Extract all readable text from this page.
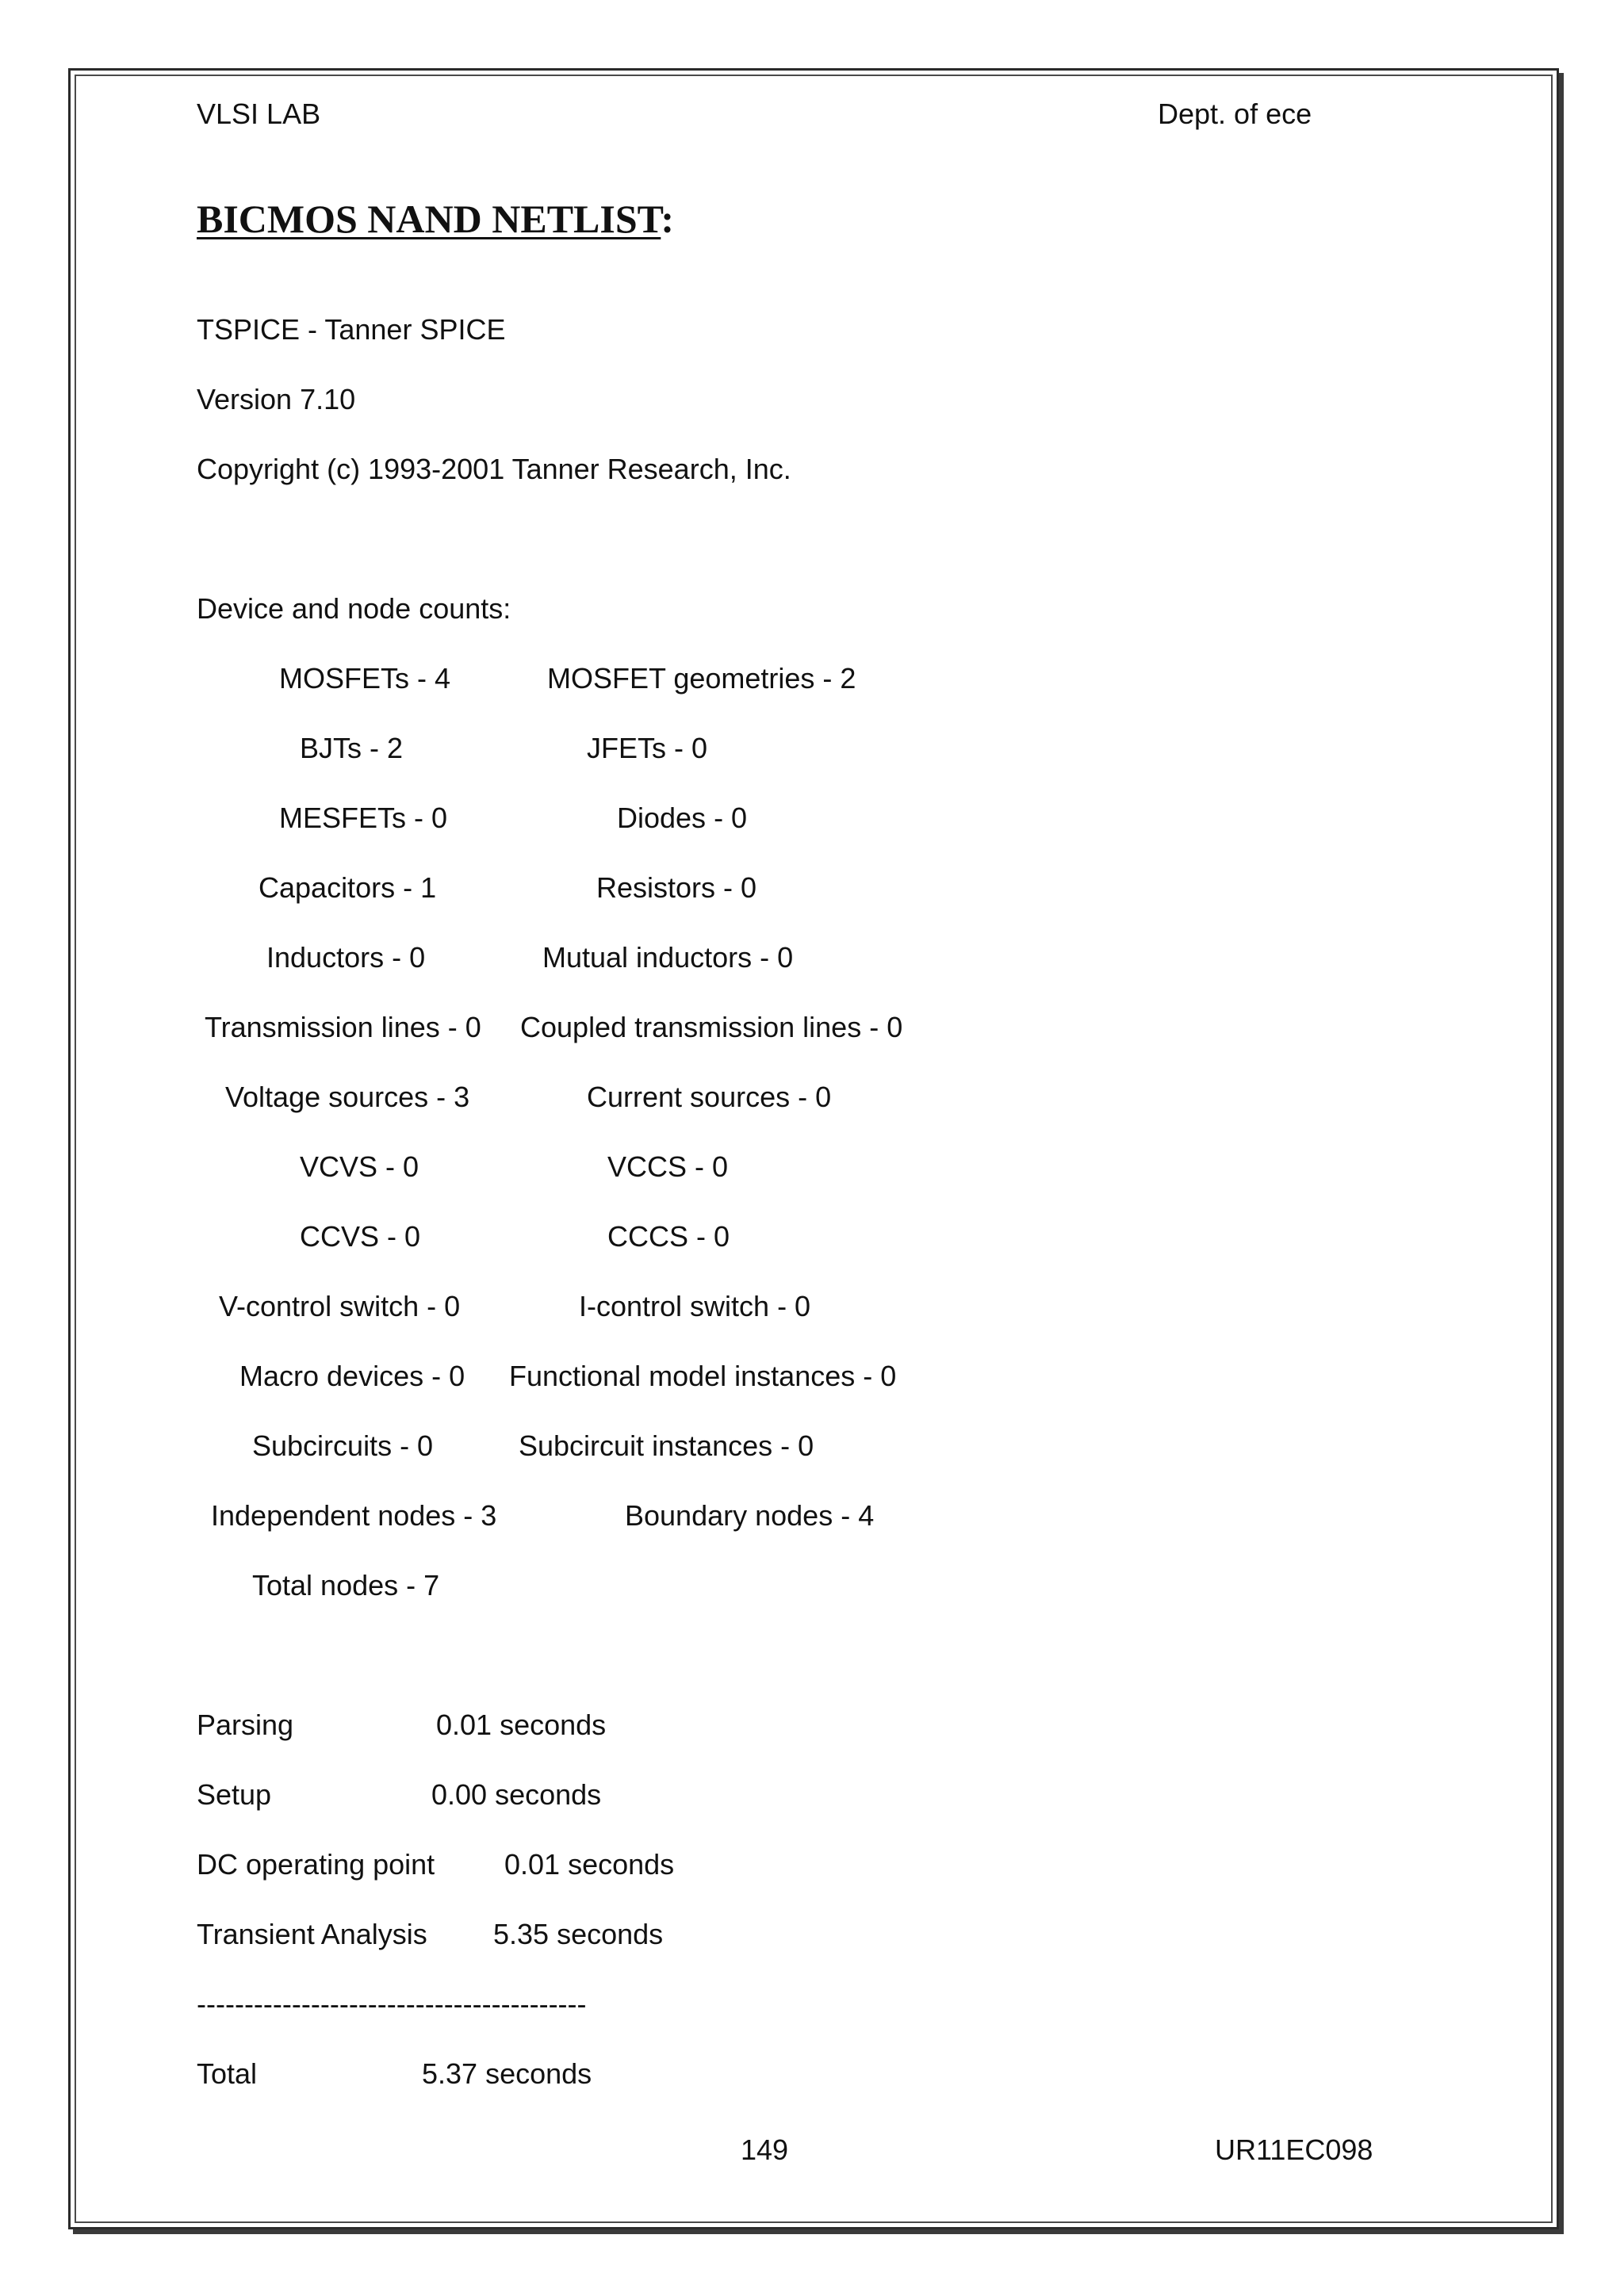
VLSI LAB	Dept. of ece
BICMOS NAND NETLIST:
TSPICE - Tanner SPICE
Version 7.10
Copyright (c) 1993-2001 Tanner Research, Inc.
Device and node counts:
MOSFETs - 4	MOSFET geometries - 2
BJTs - 2	JFETs - 0
MESFETs - 0	Diodes - 0
Capacitors - 1	Resistors - 0
Inductors - 0	Mutual inductors - 0
Transmission lines - 0 Coupled transmission lines - 0
Voltage sources - 3	Current sources - 0
VCVS - 0	VCCS - 0
CCVS - 0	CCCS - 0
V-control switch - 0	I-control switch - 0
Macro devices - 0 Functional model instances - 0
Subcircuits - 0	Subcircuit instances - 0
Independent nodes - 3	Boundary nodes - 4
Total nodes - 7
Parsing	0.01 seconds
Setup	0.00 seconds
DC operating point 0.01 seconds
Transient Analysis 5.35 seconds
-----------------------------------------
Total	5.37 seconds
149	UR11EC098
